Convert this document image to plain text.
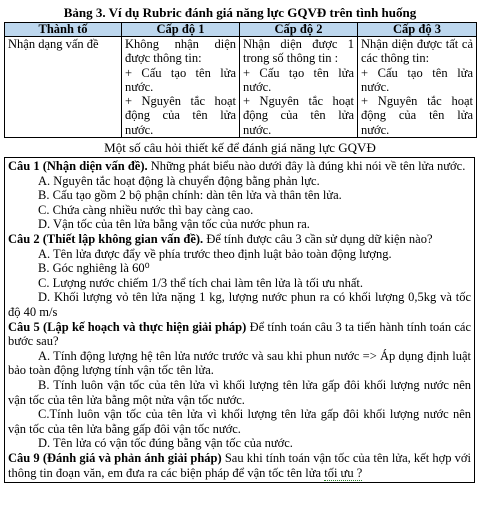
Bảng 3. Ví dụ Rubric đánh giá năng lực GQVĐ trên tình huống
Thành tố	Cấp độ 1	Cấp độ 2	Cấp độ 3
Nhận dạng vấn đề	Không nhận diện được thông tin:
+ Cấu tạo tên lửa nước.
+ Nguyên tắc hoạt động của tên lửa nước.	Nhận diện được 1 trong số thông tin :
+ Cấu tạo tên lửa nước.
+ Nguyên tắc hoạt động của tên lửa nước.	Nhận diện được tất cả các thông tin:
+ Cấu tạo tên lửa nước.
+ Nguyên tắc hoạt động của tên lửa nước.
Một số câu hỏi thiết kế để đánh giá năng lực GQVĐ

Câu 1 (Nhận diện vấn đề). Những phát biểu nào dưới đây là đúng khi nói về tên lửa nước.

A. Nguyên tắc hoạt động là chuyển động bằng phản lực.

B. Cấu tạo gồm 2 bộ phận chính: dàn tên lửa và thân tên lửa.

C. Chứa càng nhiều nước thì bay càng cao.

D. Vận tốc của tên lửa bằng vận tốc của nước phun ra.

Câu 2 (Thiết lập không gian vấn đề). Để tính được câu 3 cần sử dụng dữ kiện nào?

A. Tên lửa được đẩy về phía trước theo định luật bảo toàn động lượng.

B. Góc nghiêng là 60⁰

C. Lượng nước chiếm 1/3 thể tích chai làm tên lửa là tối ưu nhất.

D. Khối lượng vỏ tên lửa nặng 1 kg, lượng nước phun ra có khối lượng 0,5kg và tốc độ 40 m/s

Câu 5 (Lập kế hoạch và thực hiện giải pháp) Để tính toán câu 3 ta tiến hành tính toán các bước sau?

A. Tính động lượng hệ tên lửa nước trước và sau khi phun nước => Áp dụng định luật bảo toàn động lượng tính vận tốc tên lửa.

B. Tính luôn vận tốc của tên lửa vì khối lượng tên lửa gấp đôi khối lượng nước nên vận tốc của tên lửa bằng một nửa vận tốc nước.

C.Tính luôn vận tốc của tên lửa vì khối lượng tên lửa gấp đôi khối lượng nước nên vận tốc của tên lửa bằng gấp đôi vận tốc nước.

D. Tên lửa có vận tốc đúng bằng vận tốc của nước.

Câu 9 (Đánh giá và phản ánh giải pháp) Sau khi tính toán vận tốc của tên lửa, kết hợp với thông tin đoạn văn, em đưa ra các biện pháp để vận tốc tên lửa tối ưu ?
